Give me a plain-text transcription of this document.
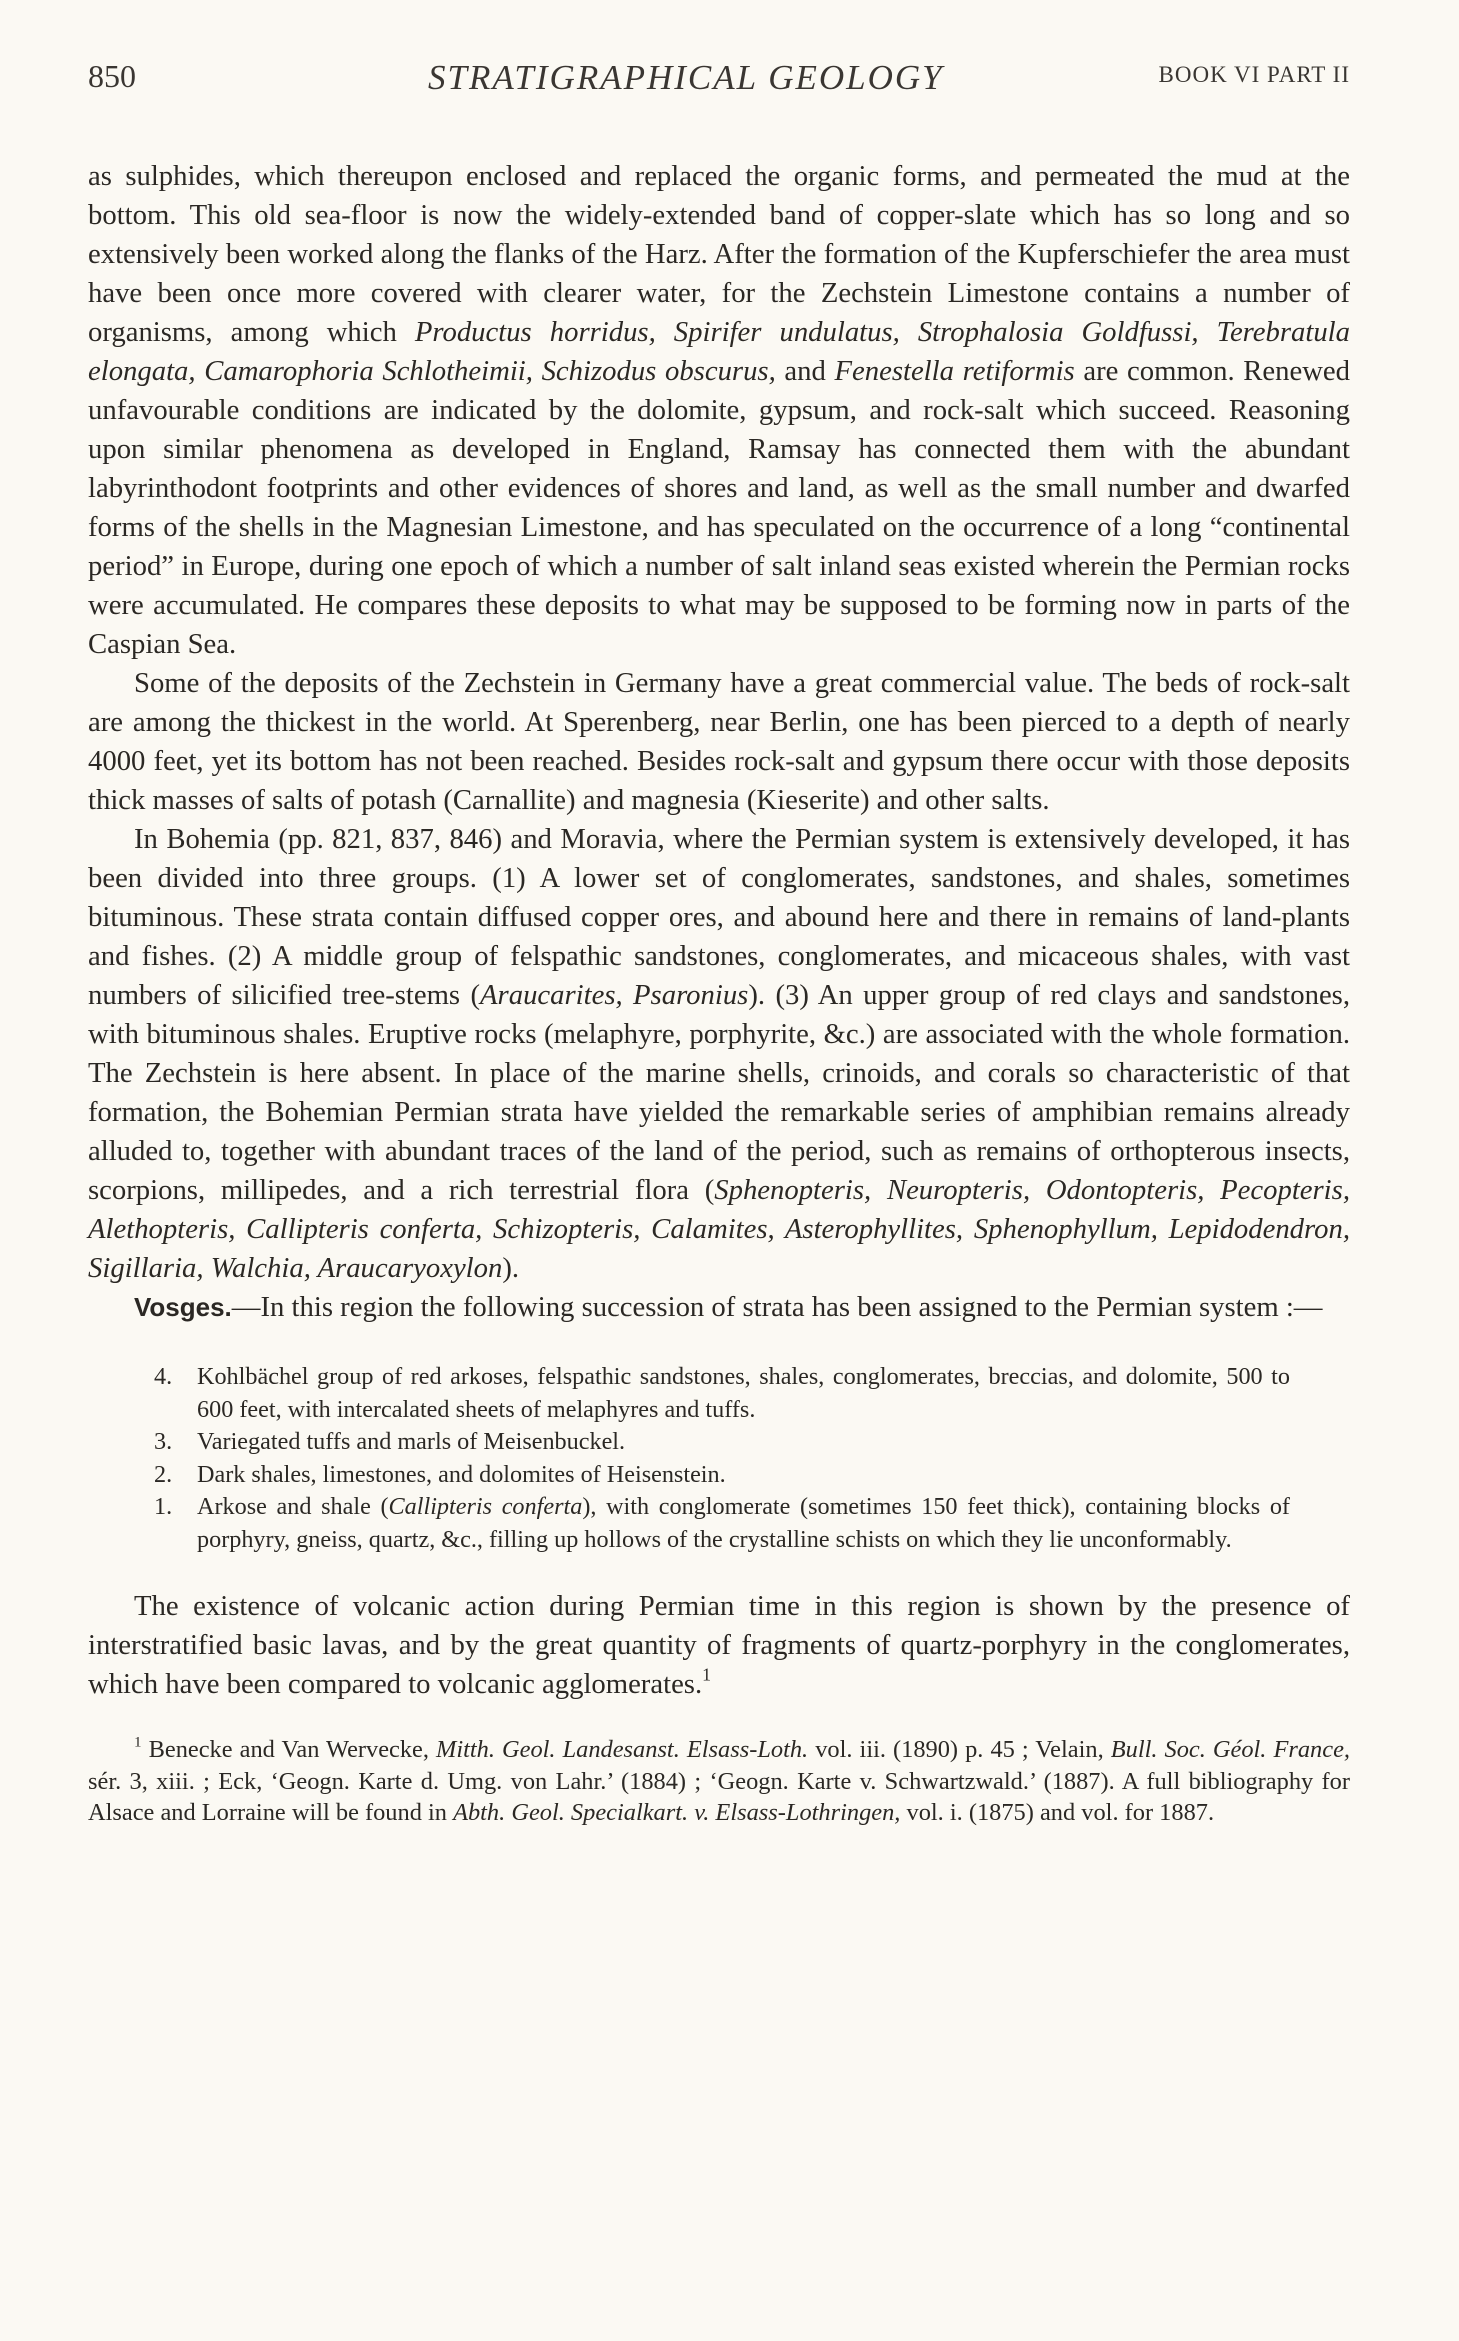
850	STRATIGRAPHICAL GEOLOGY	BOOK VI PART II

as sulphides, which thereupon enclosed and replaced the organic forms, and permeated the mud at the bottom. This old sea-floor is now the widely-extended band of copper-slate which has so long and so extensively been worked along the flanks of the Harz. After the formation of the Kupferschiefer the area must have been once more covered with clearer water, for the Zechstein Limestone contains a number of organisms, among which Productus horridus, Spirifer undulatus, Strophalosia Goldfussi, Terebratula elongata, Camarophoria Schlotheimii, Schizodus obscurus, and Fenestella retiformis are common. Renewed unfavourable conditions are indicated by the dolomite, gypsum, and rock-salt which succeed. Reasoning upon similar phenomena as developed in England, Ramsay has connected them with the abundant labyrinthodont footprints and other evidences of shores and land, as well as the small number and dwarfed forms of the shells in the Magnesian Limestone, and has speculated on the occurrence of a long “continental period” in Europe, during one epoch of which a number of salt inland seas existed wherein the Permian rocks were accumulated. He compares these deposits to what may be supposed to be forming now in parts of the Caspian Sea.

Some of the deposits of the Zechstein in Germany have a great commercial value. The beds of rock-salt are among the thickest in the world. At Sperenberg, near Berlin, one has been pierced to a depth of nearly 4000 feet, yet its bottom has not been reached. Besides rock-salt and gypsum there occur with those deposits thick masses of salts of potash (Carnallite) and magnesia (Kieserite) and other salts.

In Bohemia (pp. 821, 837, 846) and Moravia, where the Permian system is extensively developed, it has been divided into three groups. (1) A lower set of conglomerates, sandstones, and shales, sometimes bituminous. These strata contain diffused copper ores, and abound here and there in remains of land-plants and fishes. (2) A middle group of felspathic sandstones, conglomerates, and micaceous shales, with vast numbers of silicified tree-stems (Araucarites, Psaronius). (3) An upper group of red clays and sandstones, with bituminous shales. Eruptive rocks (melaphyre, porphyrite, &c.) are associated with the whole formation. The Zechstein is here absent. In place of the marine shells, crinoids, and corals so characteristic of that formation, the Bohemian Permian strata have yielded the remarkable series of amphibian remains already alluded to, together with abundant traces of the land of the period, such as remains of orthopterous insects, scorpions, millipedes, and a rich terrestrial flora (Sphenopteris, Neuropteris, Odontopteris, Pecopteris, Alethopteris, Callipteris conferta, Schizopteris, Calamites, Asterophyllites, Sphenophyllum, Lepidodendron, Sigillaria, Walchia, Araucaryoxylon).

Vosges.—In this region the following succession of strata has been assigned to the Permian system :—

4. Kohlbächel group of red arkoses, felspathic sandstones, shales, conglomerates, breccias, and dolomite, 500 to 600 feet, with intercalated sheets of melaphyres and tuffs.
3. Variegated tuffs and marls of Meisenbuckel.
2. Dark shales, limestones, and dolomites of Heisenstein.
1. Arkose and shale (Callipteris conferta), with conglomerate (sometimes 150 feet thick), containing blocks of porphyry, gneiss, quartz, &c., filling up hollows of the crystalline schists on which they lie unconformably.

The existence of volcanic action during Permian time in this region is shown by the presence of interstratified basic lavas, and by the great quantity of fragments of quartz-porphyry in the conglomerates, which have been compared to volcanic agglomerates.$^1$

$^1$ Benecke and Van Wervecke, Mitth. Geol. Landesanst. Elsass-Loth. vol. iii. (1890) p. 45 ; Velain, Bull. Soc. Géol. France, sér. 3, xiii. ; Eck, ‘Geogn. Karte d. Umg. von Lahr.’ (1884) ; ‘Geogn. Karte v. Schwartzwald.’ (1887). A full bibliography for Alsace and Lorraine will be found in Abth. Geol. Specialkart. v. Elsass-Lothringen, vol. i. (1875) and vol. for 1887.
